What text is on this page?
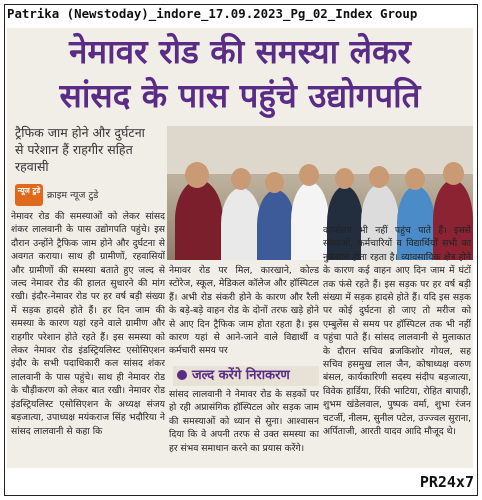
Patrika (Newstoday)_indore_17.09.2023_Pg_02_Index Group
नेमावर रोड की समस्या लेकर
सांसद के पास पहुंचे उद्योगपति
ट्रैफिक जाम होने और दुर्घटना से परेशान हैं राहगीर सहित रहवासी
न्यूज टुडे क्राइम न्यूज टुडे
नेमावर रोड की समस्याओं को लेकर सांसद शंकर लालवानी के पास उद्योगपति पहुंचे। इस दौरान उन्होंने ट्रैफिक जाम होने और दुर्घटना से अवगत कराया। साथ ही ग्रामीणों, रहवासियों और ग्रामीणों की समस्या बताते हुए जल्द से जल्द नेमावर रोड की हालत सुधारने की मांग रखी। इंदौर-नेमावर रोड पर हर वर्ष बड़ी संख्या में सड़क हादसे होते हैं। हर दिन जाम की समस्या के कारण यहां रहने वाले ग्रामीण और राहगीर परेशान होते रहते हैं। इस समस्या को लेकर नेमावर रोड इंडस्ट्रियलिस्ट एसोसिएशन इंदौर के सभी पदाधिकारी कल सांसद शंकर लालवानी के पास पहुंचे। साथ ही नेमावर रोड के चौड़ीकरण को लेकर बात रखी। नेमावर रोड इंडस्ट्रियलिस्ट एसोसिएशन के अध्यक्ष संजय बड़जात्या, उपाध्यक्ष मयंकराज सिंह भदौरिया ने सांसद लालवानी से कहा कि
नेमावर रोड पर मिल, कारखाने, कोल्ड स्टोरेज, स्कूल, मेडिकल कॉलेज और हॉस्पिटल हैं। अभी रोड संकरी होने के कारण और रैली के बड़े-बड़े वाहन रोड के दोनों तरफ खड़े होने से आए दिन ट्रैफिक जाम होता रहता है। इस कारण यहां से आने-जाने वाले विद्यार्थी व कर्मचारी समय पर
जल्द करेंगे निराकरण
सांसद लालवानी ने नेमावर रोड के सड़कों पर हो रही अप्रासंगिक हॉस्पिटल ओर सड़क जाम की समस्याओं को ध्यान से सुना। आश्वासन दिया कि वे अपनी तरफ से उक्त समस्या का हर संभव समाधान करने का प्रयास करेंगे।
कार्यालय भी नहीं पहुंच पाते हैं। इससे संस्थाओं, कर्मचारियों व विद्यार्थियों सभी का नुकसान होता रहता है। व्यावसायिक क्षेत्र होने के कारण कई वाहन आए दिन जाम में घंटों तक फंसे रहते हैं। इस सड़क पर हर वर्ष बड़ी संख्या में सड़क हादसे होते हैं। यदि इस सड़क पर कोई दुर्घटना हो जाए तो मरीज को एम्बुलेंस से समय पर हॉस्पिटल तक भी नहीं पहुंचा पाते हैं। सांसद लालवानी से मुलाकात के दौरान सचिव ब्रजकिशोर गोयल, सह सचिव हसमुख लाल जैन, कोषाध्यक्ष वरुण बंसल, कार्यकारिणी सदस्य संदीप बड़जात्या, विवेक हार्डिया, रिंकी भाटिया, रोहित बापाही, शुभम खंडेलवाल, पुष्पक वर्मा, शुभा रंजन चटर्जी, नीलम, सुनील पटेल, उज्ज्वल सुराना, अर्पिताजी, आरती यादव आदि मौजूद थे।
PR24x7
